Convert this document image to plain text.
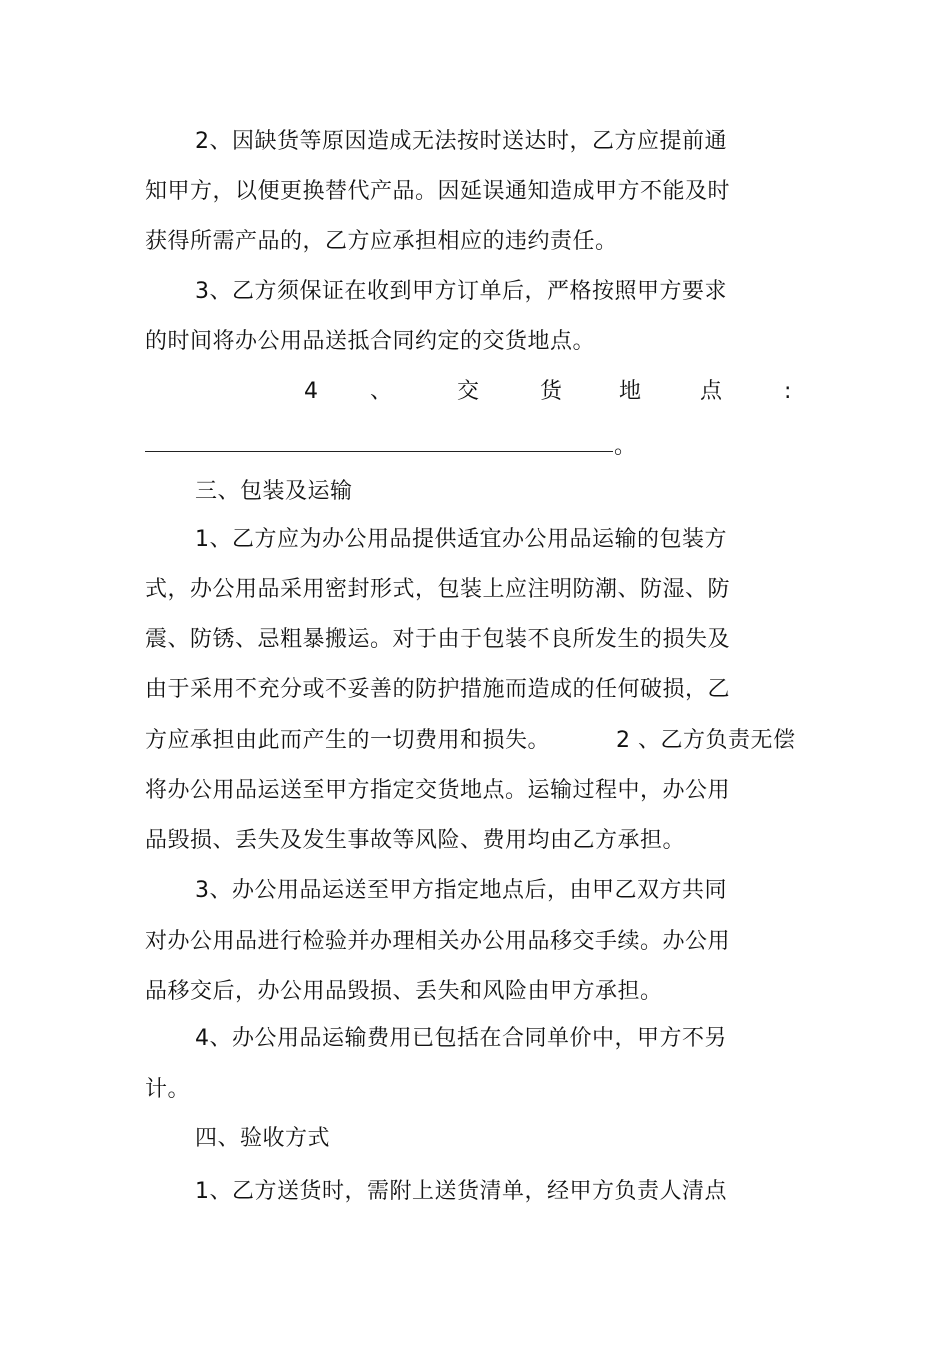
2、因缺货等原因造成无法按时送达时，乙方应提前通
知甲方，以便更换替代产品。因延误通知造成甲方不能及时
获得所需产品的，乙方应承担相应的违约责任。
3、乙方须保证在收到甲方订单后，严格按照甲方要求
的时间将办公用品送抵合同约定的交货地点。
4 、	交	货	地	点	:
。
三、包装及运输
1、乙方应为办公用品提供适宜办公用品运输的包装方
式，办公用品采用密封形式，包装上应注明防潮、防湿、防
震、防锈、忌粗暴搬运。对于由于包装不良所发生的损失及
由于采用不充分或不妥善的防护措施而造成的任何破损，乙
方应承担由此而产生的一切费用和损失。	2 、乙方负责无偿
将办公用品运送至甲方指定交货地点。运输过程中，办公用
品毁损、丢失及发生事故等风险、费用均由乙方承担。
3、办公用品运送至甲方指定地点后，由甲乙双方共同
对办公用品进行检验并办理相关办公用品移交手续。办公用
品移交后，办公用品毁损、丢失和风险由甲方承担。
4、办公用品运输费用已包括在合同单价中，甲方不另
计。
四、验收方式
1、乙方送货时，需附上送货清单，经甲方负责人清点
